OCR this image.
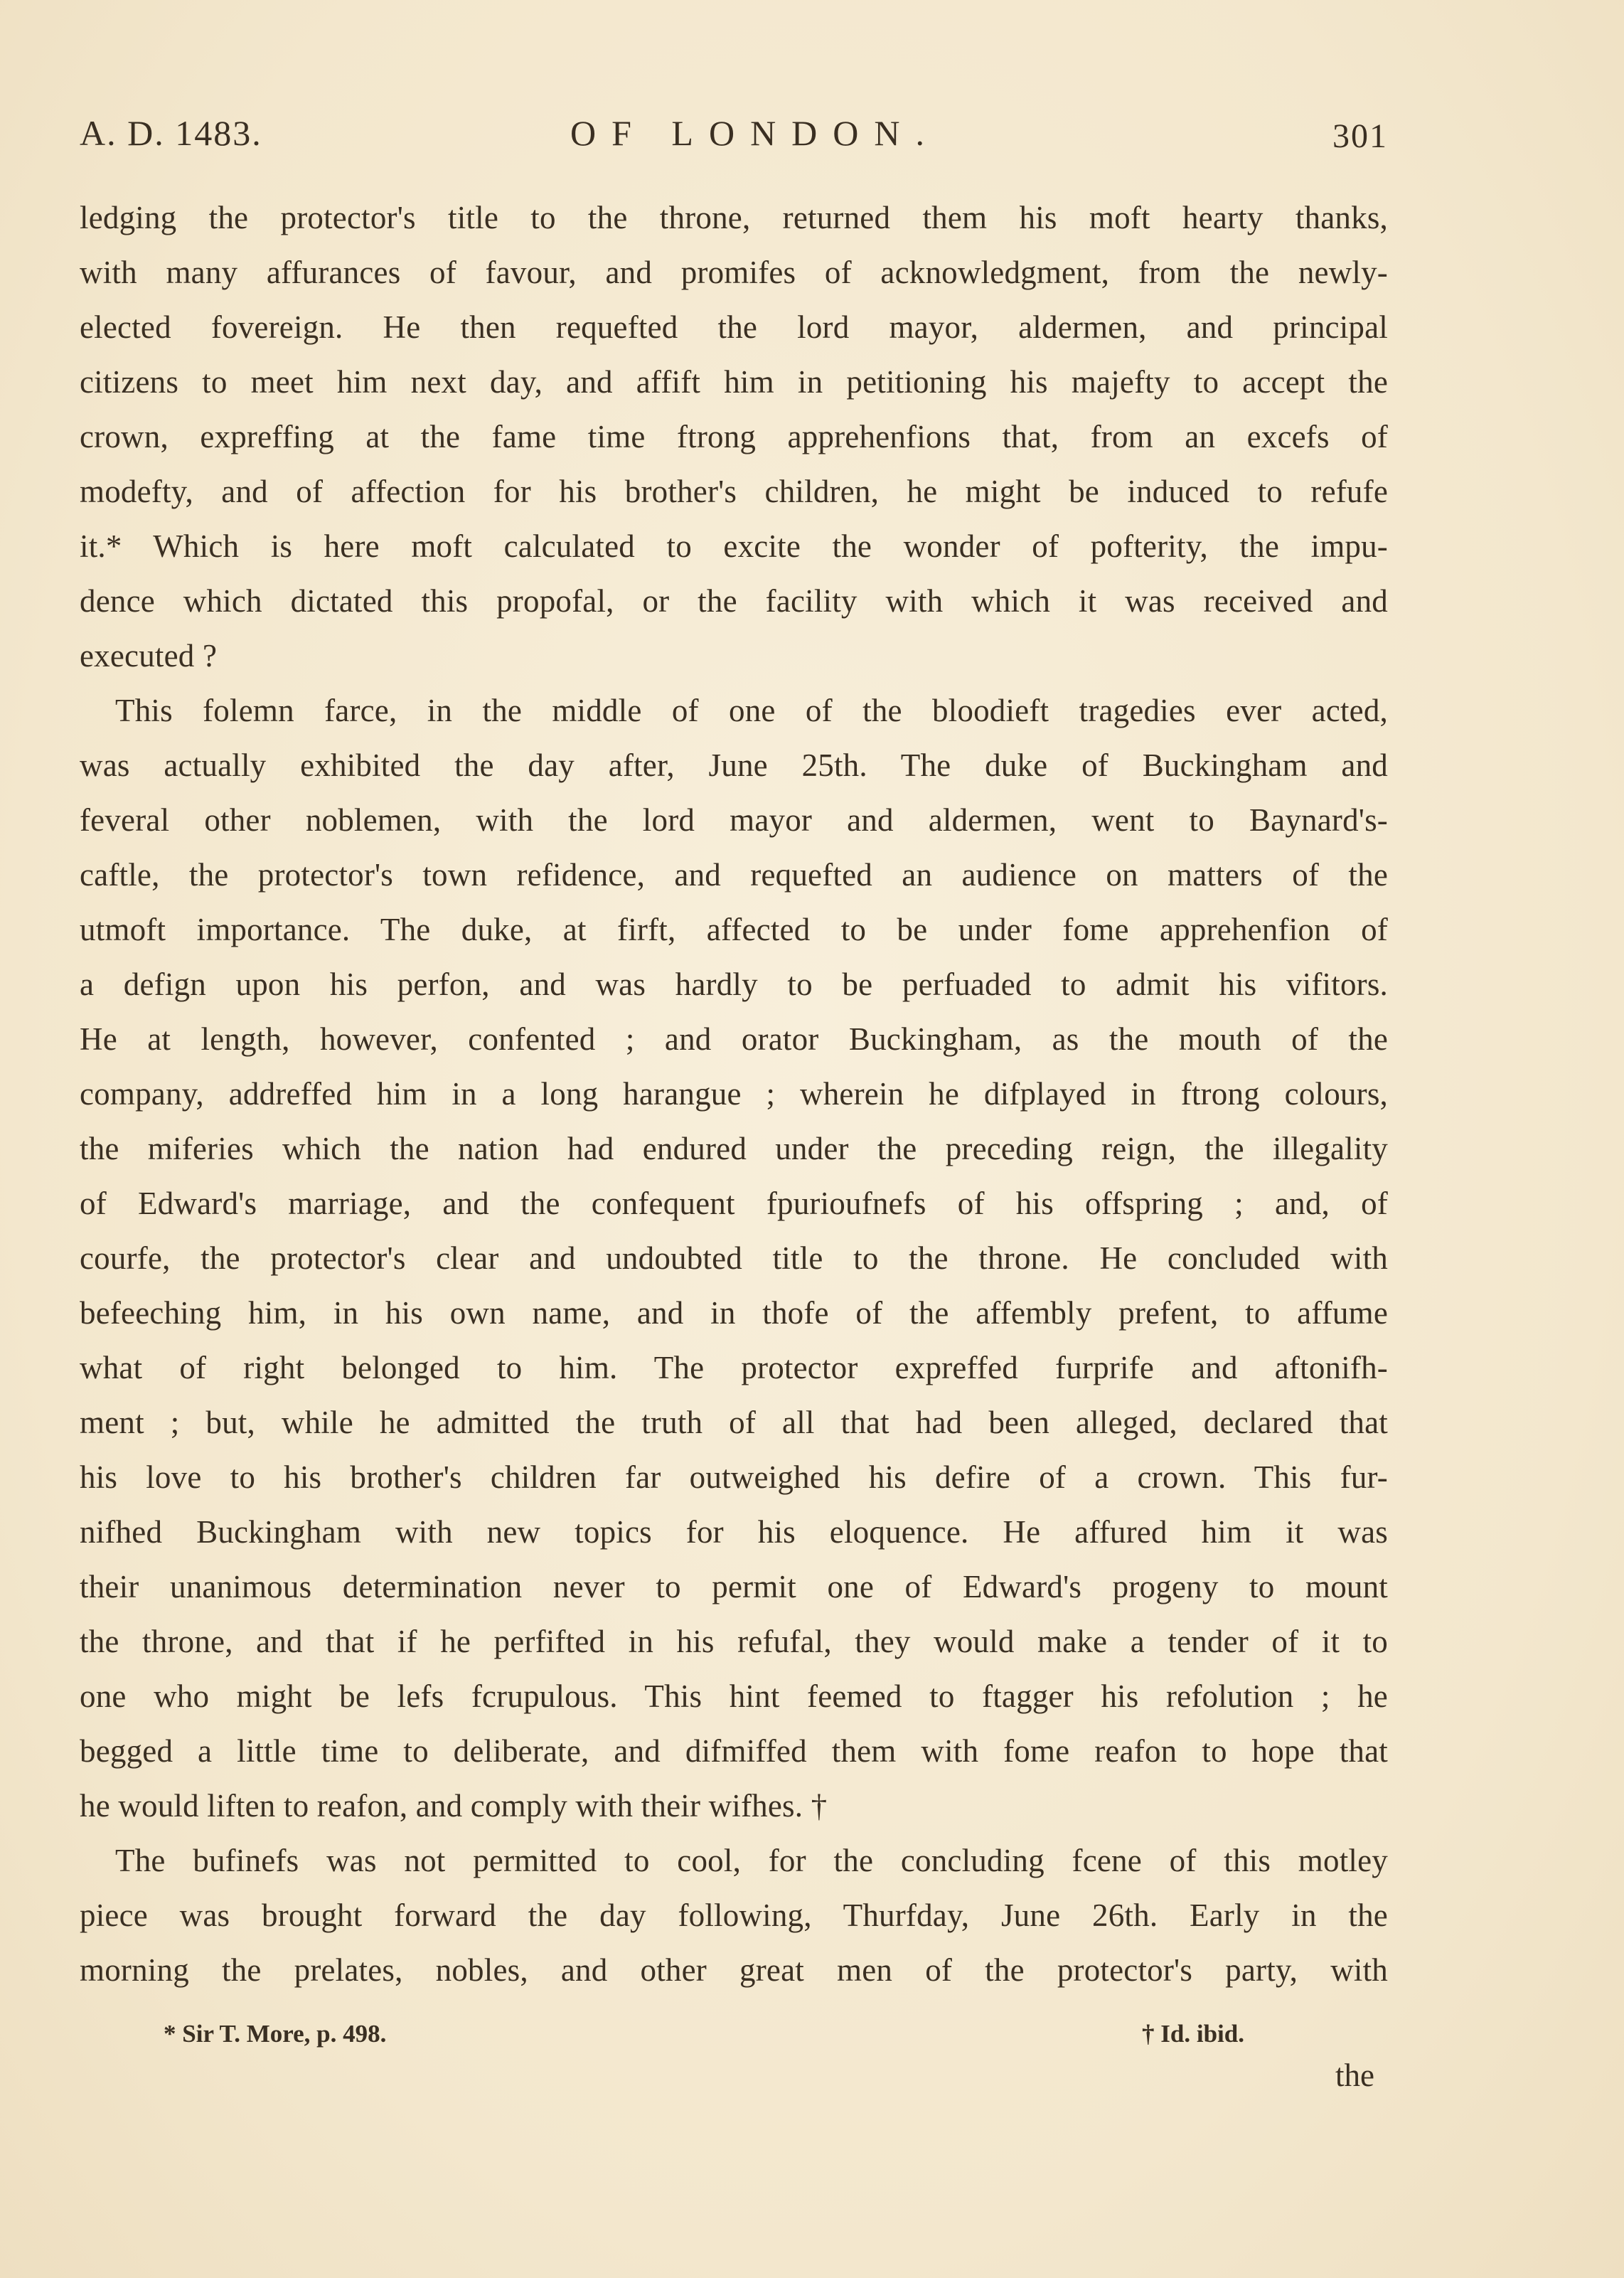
A. D. 1483.	OF LONDON.	301
ledging the protector's title to the throne, returned them his moft hearty thanks,
with many affurances of favour, and promifes of acknowledgment, from the newly-
elected fovereign. He then requefted the lord mayor, aldermen, and principal
citizens to meet him next day, and affift him in petitioning his majefty to accept the
crown, expreffing at the fame time ftrong apprehenfions that, from an excefs of
modefty, and of affection for his brother's children, he might be induced to refufe
it.* Which is here moft calculated to excite the wonder of pofterity, the impu-
dence which dictated this propofal, or the facility with which it was received and
executed ?
This folemn farce, in the middle of one of the bloodieft tragedies ever acted,
was actually exhibited the day after, June 25th. The duke of Buckingham and
feveral other noblemen, with the lord mayor and aldermen, went to Baynard's-
caftle, the protector's town refidence, and requefted an audience on matters of the
utmoft importance. The duke, at firft, affected to be under fome apprehenfion of
a defign upon his perfon, and was hardly to be perfuaded to admit his vifitors.
He at length, however, confented ; and orator Buckingham, as the mouth of the
company, addreffed him in a long harangue ; wherein he difplayed in ftrong colours,
the miferies which the nation had endured under the preceding reign, the illegality
of Edward's marriage, and the confequent fpurioufnefs of his offspring ; and, of
courfe, the protector's clear and undoubted title to the throne. He concluded with
befeeching him, in his own name, and in thofe of the affembly prefent, to affume
what of right belonged to him. The protector expreffed furprife and aftonifh-
ment ; but, while he admitted the truth of all that had been alleged, declared that
his love to his brother's children far outweighed his defire of a crown. This fur-
nifhed Buckingham with new topics for his eloquence. He affured him it was
their unanimous determination never to permit one of Edward's progeny to mount
the throne, and that if he perfifted in his refufal, they would make a tender of it to
one who might be lefs fcrupulous. This hint feemed to ftagger his refolution ; he
begged a little time to deliberate, and difmiffed them with fome reafon to hope that
he would liften to reafon, and comply with their wifhes. †
The bufinefs was not permitted to cool, for the concluding fcene of this motley
piece was brought forward the day following, Thurfday, June 26th. Early in the
morning the prelates, nobles, and other great men of the protector's party, with
* Sir T. More, p. 498.	† Id. ibid.
the
